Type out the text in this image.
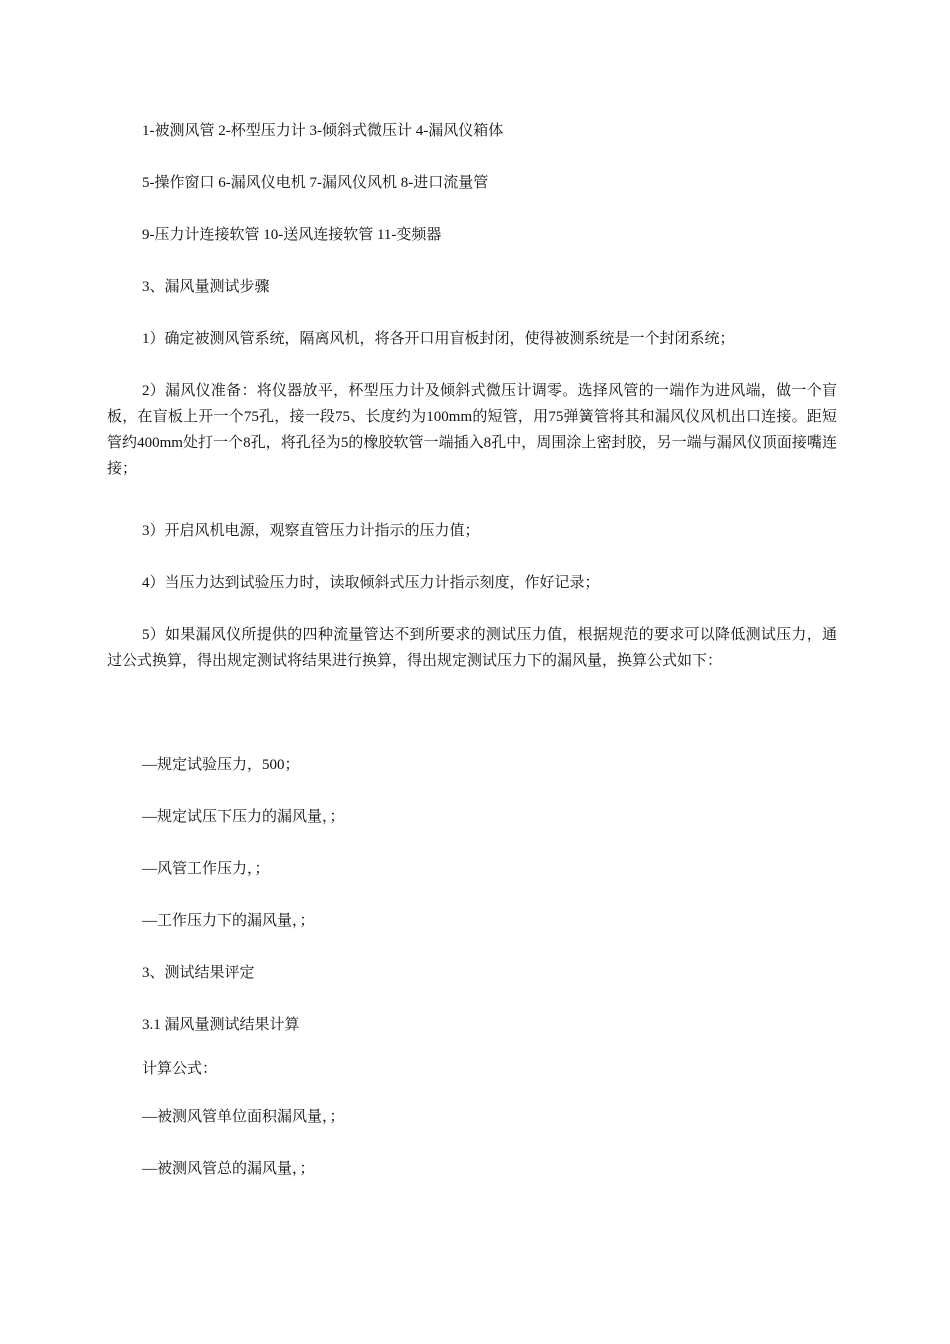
1-被测风管 2-杯型压力计 3-倾斜式微压计 4-漏风仪箱体

5-操作窗口 6-漏风仪电机 7-漏风仪风机 8-进口流量管

9-压力计连接软管 10-送风连接软管 11-变频器

3、漏风量测试步骤

1）确定被测风管系统，隔离风机，将各开口用盲板封闭，使得被测系统是一个封闭系统；

2）漏风仪准备：将仪器放平，杯型压力计及倾斜式微压计调零。选择风管的一端作为进风端，做一个盲板，在盲板上开一个75孔，接一段75、长度约为100mm的短管，用75弹簧管将其和漏风仪风机出口连接。距短管约400mm处打一个8孔，将孔径为5的橡胶软管一端插入8孔中，周围涂上密封胶，另一端与漏风仪顶面接嘴连接；

3）开启风机电源，观察直管压力计指示的压力值；

4）当压力达到试验压力时，读取倾斜式压力计指示刻度，作好记录；

5）如果漏风仪所提供的四种流量管达不到所要求的测试压力值，根据规范的要求可以降低测试压力，通过公式换算，得出规定测试将结果进行换算，得出规定测试压力下的漏风量，换算公式如下：

—规定试验压力，500；

—规定试压下压力的漏风量，；

—风管工作压力，；

—工作压力下的漏风量，；

3、测试结果评定

3.1 漏风量测试结果计算

计算公式：

—被测风管单位面积漏风量，；

—被测风管总的漏风量，；
